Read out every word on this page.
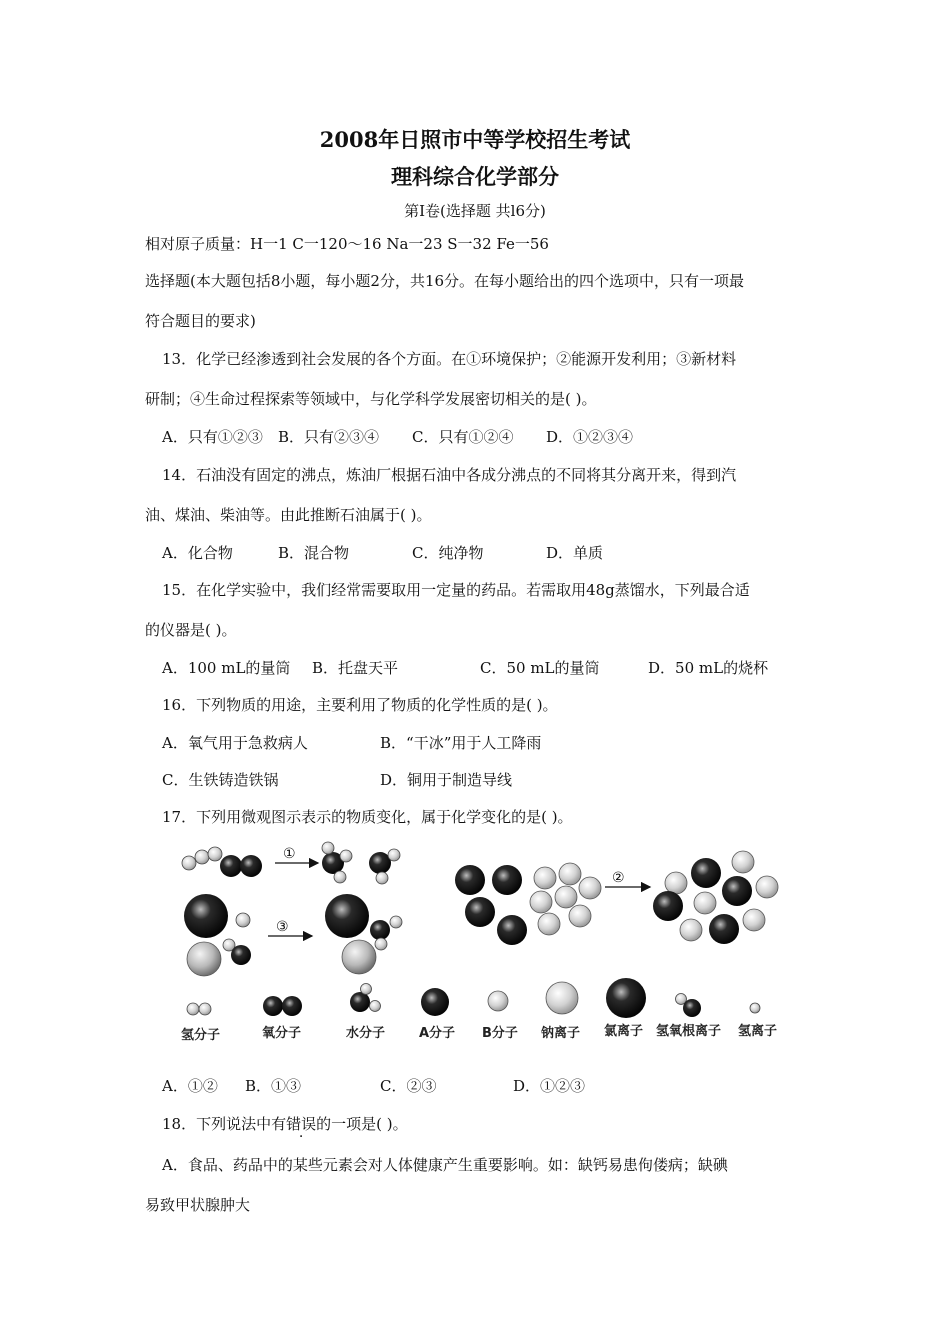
2008年日照市中等学校招生考试
理科综合化学部分
第Ⅰ卷(选择题 共l6分)
相对原子质量：H一1 C一120～16 Na一23 S一32 Fe一56
选择题(本大题包括8小题，每小题2分，共16分。在每小题给出的四个选项中，只有一项最
符合题目的要求)
13．化学已经渗透到社会发展的各个方面。在①环境保护；②能源开发利用；③新材料
研制；④生命过程探索等领域中，与化学科学发展密切相关的是( )。
A．只有①②③ B．只有②③④ C．只有①②④ D．①②③④
14．石油没有固定的沸点，炼油厂根据石油中各成分沸点的不同将其分离开来，得到汽
油、煤油、柴油等。由此推断石油属于( )。
A．化合物	B．混合物	C．纯净物	D．单质
15．在化学实验中，我们经常需要取用一定量的药品。若需取用48g蒸馏水，下列最合适
的仪器是( )。
A．100 mL的量筒 B．托盘天平	C．50 mL的量筒	D．50 mL的烧杯
16．下列物质的用途，主要利用了物质的化学性质的是( )。
A．氧气用于急救病人	B．“干冰”用于人工降雨
C．生铁铸造铁锅	D．铜用于制造导线
17．下列用微观图示表示的物质变化，属于化学变化的是( )。
①
③
②
氢分子	氧分子	水分子	A分子 B分子 钠离子 氯离子 氢氧根离子 氢离子
A．①② B．①③	C．②③	D．①②③
18．下列说法中有错误的一项是( )。
A．食品、药品中的某些元素会对人体健康产生重要影响。如：缺钙易患佝偻病；缺碘
易致甲状腺肿大
